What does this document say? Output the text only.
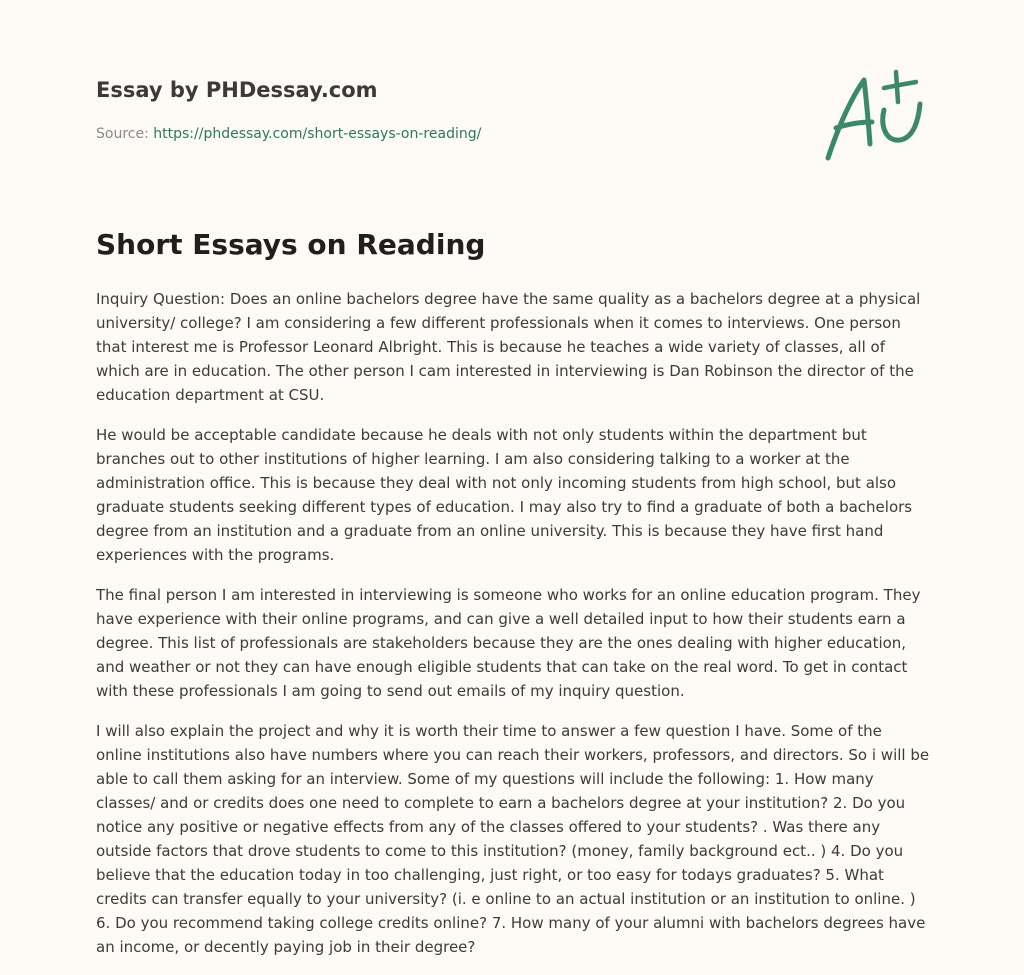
Essay by PHDessay.com
Source: https://phdessay.com/short-essays-on-reading/
Short Essays on Reading

Inquiry Question: Does an online bachelors degree have the same quality as a bachelors degree at a physical university/ college? I am considering a few different professionals when it comes to interviews. One person that interest me is Professor Leonard Albright. This is because he teaches a wide variety of classes, all of which are in education. The other person I cam interested in interviewing is Dan Robinson the director of the education department at CSU.

He would be acceptable candidate because he deals with not only students within the department but branches out to other institutions of higher learning. I am also considering talking to a worker at the administration office. This is because they deal with not only incoming students from high school, but also graduate students seeking different types of education. I may also try to find a graduate of both a bachelors degree from an institution and a graduate from an online university. This is because they have first hand experiences with the programs.

The final person I am interested in interviewing is someone who works for an online education program. They have experience with their online programs, and can give a well detailed input to how their students earn a degree. This list of professionals are stakeholders because they are the ones dealing with higher education, and weather or not they can have enough eligible students that can take on the real word. To get in contact with these professionals I am going to send out emails of my inquiry question.

I will also explain the project and why it is worth their time to answer a few question I have. Some of the online institutions also have numbers where you can reach their workers, professors, and directors. So i will be able to call them asking for an interview. Some of my questions will include the following: 1. How many classes/ and or credits does one need to complete to earn a bachelors degree at your institution? 2. Do you notice any positive or negative effects from any of the classes offered to your students? . Was there any outside factors that drove students to come to this institution? (money, family background ect.. ) 4. Do you believe that the education today in too challenging, just right, or too easy for todays graduates? 5. What credits can transfer equally to your university? (i. e online to an actual institution or an institution to online. ) 6. Do you recommend taking college credits online? 7. How many of your alumni with bachelors degrees have an income, or decently paying job in their degree?
